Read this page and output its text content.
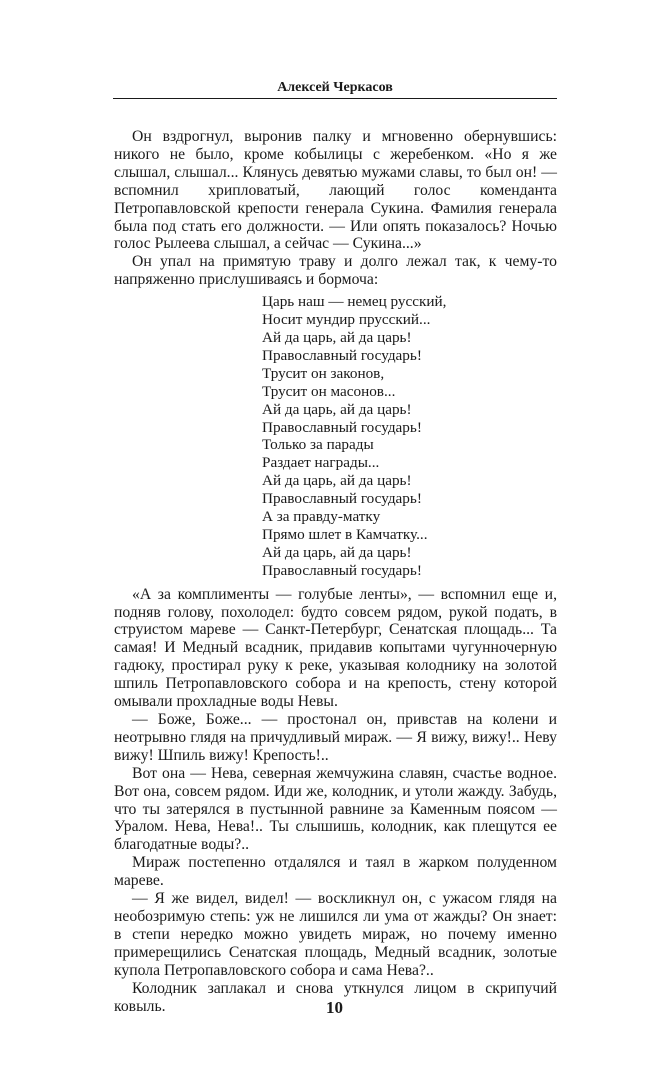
Алексей Черкасов

Он вздрогнул, выронив палку и мгновенно обернувшись: никого не было, кроме кобылицы с жеребенком. «Но я же слышал, слышал... Клянусь девятью мужами славы, то был он! — вспомнил хрипловатый, лающий голос коменданта Петропавловской крепости генерала Сукина. Фамилия генерала была под стать его должности. — Или опять показалось? Ночью голос Рылеева слышал, а сейчас — Сукина...»

Он упал на примятую траву и долго лежал так, к чему-то напряженно прислушиваясь и бормоча:

Царь наш — немец русский,
Носит мундир прусский...
Ай да царь, ай да царь!
Православный государь!
Трусит он законов,
Трусит он масонов...
Ай да царь, ай да царь!
Православный государь!
Только за парады
Раздает награды...
Ай да царь, ай да царь!
Православный государь!
А за правду-матку
Прямо шлет в Камчатку...
Ай да царь, ай да царь!
Православный государь!

«А за комплименты — голубые ленты», — вспомнил еще и, подняв голову, похолодел: будто совсем рядом, рукой подать, в струистом мареве — Санкт-Петербург, Сенатская площадь... Та самая! И Медный всадник, придавив копытами чугунночерную гадюку, простирал руку к реке, указывая колоднику на золотой шпиль Петропавловского собора и на крепость, стену которой омывали прохладные воды Невы.

— Боже, Боже... — простонал он, привстав на колени и неотрывно глядя на причудливый мираж. — Я вижу, вижу!.. Неву вижу! Шпиль вижу! Крепость!..

Вот она — Нева, северная жемчужина славян, счастье водное. Вот она, совсем рядом. Иди же, колодник, и утоли жажду. Забудь, что ты затерялся в пустынной равнине за Каменным поясом — Уралом. Нева, Нева!.. Ты слышишь, колодник, как плещутся ее благодатные воды?..

Мираж постепенно отдалялся и таял в жарком полуденном мареве.

— Я же видел, видел! — воскликнул он, с ужасом глядя на необозримую степь: уж не лишился ли ума от жажды? Он знает: в степи нередко можно увидеть мираж, но почему именно примерещились Сенатская площадь, Медный всадник, золотые купола Петропавловского собора и сама Нева?..

Колодник заплакал и снова уткнулся лицом в скрипучий ковыль.	10
